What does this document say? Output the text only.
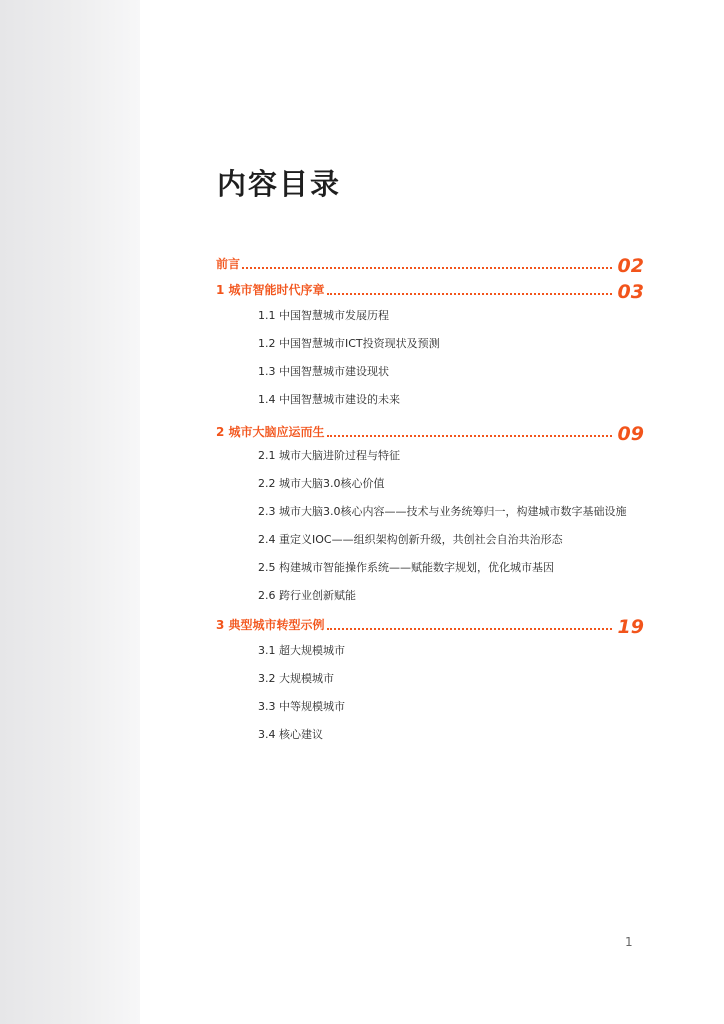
内容目录
前言	02
1 城市智能时代序章	03
1.1 中国智慧城市发展历程
1.2 中国智慧城市ICT投资现状及预测
1.3 中国智慧城市建设现状
1.4 中国智慧城市建设的未来
2 城市大脑应运而生	09
2.1 城市大脑进阶过程与特征
2.2 城市大脑3.0核心价值
2.3 城市大脑3.0核心内容——技术与业务统筹归一，构建城市数字基础设施
2.4 重定义IOC——组织架构创新升级，共创社会自治共治形态
2.5 构建城市智能操作系统——赋能数字规划，优化城市基因
2.6 跨行业创新赋能
3 典型城市转型示例	19
3.1 超大规模城市
3.2 大规模城市
3.3 中等规模城市
3.4 核心建议
1
